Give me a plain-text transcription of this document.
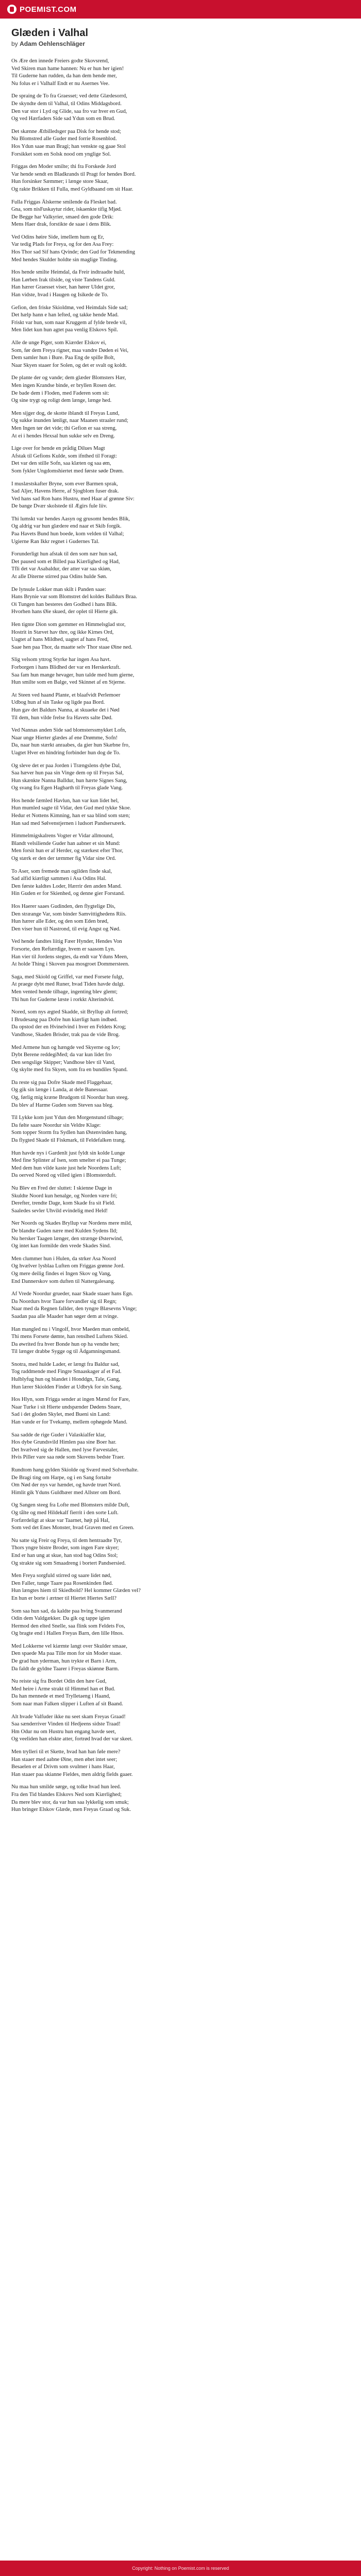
POEMIST.COM
Glæden i Valhal
by Adam Oehlenschläger

Os Ære den innede Freiers godte Skovsrend,
Ved Skiren man hame hannen: Nu er hun her igien!
Til Guderne han rudden, da han dem hende mer,
Nu folus er i Valhalf Endt er nu Asernes Vee.

De spraing de To fra Graesset; ved dette Glædesorrd,
De skyndte dem til Valhal, til Odins Middagsbord.
Den var stor i Lyd og Glide, saa fro var hver en Gud,
Og ved Hærfaders Side sad Ydun som en Brud.

Det skænne Ætbilledsger paa Disk for hende stod;
Nu Blomstred alle Guder med forrie Rosenblod.
Hos Ydun saae man Bragi; han venskte og gaae Stol
Forsikket som en Solsk nood om ynglige Sol.

Friggas den Moder smilte; thi fra Forskede Jord
Var hende sendt en Bladkrands til Pragt for hendes Bord.
Hun forsinker Sæmmer; i længe store Skaar,
Og rakte Brikken til Fulla, med Gyldbaand om sit Haar.

Fulla Friggas Älskerne smilende da Flesket bad.
Gna, som nisFuskaytur rider, iskaenkte tifig Mjød.
De Begge har Valkyrier, smaed den gode Drik:
Mens Haer drak, forstikte de saae i dens Blik.

Ved Odins høire Side, imellem hum og Er,
Var tedig Plads for Freya, og for den Asa Frey:
Hos Thor sad Sif hans Qvinde; den Gud for Tekmending
Med hendes Skulder holdte sin maglige Tinding.

Hos hende smilte Heimdal, da Freir indtraadte huld,
Han Lørben Irak tilside, og viste Tandens Guld.
Han hærer Graesset viser, han hører Uldet gror,
Han vidste, hvad i Haugen og Isikede de To.

Gefion, den friske Skioldmø, ved Heimdals Side sad;
Det hælp hann e han lefted, og takke hende Mad.
Friskt var hun, som naar Kruggem af fylde brede vil,
Men Iidet kun hun agtet paa venlig Elskovs Spil.

Alle de unge Piger, som Kiærder Elskov ei,
Som, før dem Freya rigner, maa vandre Døden ei Vei,
Dem samler hun i Bure. Paa Eng de spille Bolt,
Naar Skyen staaer for Solen, og det er svalt og koldt.

De plante der og vande; dem glæder Blomsters Hær,
Men ingen Krandse binde, er bryllen Rosen der.
De bade dem i Floden, med Faderen som sit:
Og sine trygt og roligt dem længe, længe hed.

Men sijger dog, de skotte iblandt til Freyas Lund,
Og sukke inunden lønligt, naar Maanen straaler rund;
Men Ingen tør det vide; thi Gefion er saa streng,
At ei i hendes Hexsal hun sukke selv en Dreng.

Lige over for hende en prådig Dilues Magt
Afstak til Gefions Kulde, som ifnthed til Foragt:
Det var den stille Sofn, saa klæten og saa øm,
Som fykler Ungdomshiertet med første søde Drøm.

I muslæstskafter Bryne, som ever Barmen sprak,
Sad Aljer, Havens Herre, af Sjogblom fuser drak.
Ved hans sad Ron hans Hustru, med Haar af grønne Siv:
De bange Dvær skolstede til Ægirs fule liiv.

Thi lumskt var hendes Aasyn og grusomt hendes Blik,
Og aldrig var hun glædere end naar et Skib forgik.
Paa Havets Bund hun boede, kom velden til Valhal;
Ugierne Ran Ikkr regnet i Gudernes Tal.

Forunderligt hun afstak til den som nær hun sad,
Det paused som et Billed paa Kiærlighed og Had,
Tfli det var Asabaldur, der atter var saa skiøn,
At alle Diterne stirred paa Odins hulde Søn.

De lynsule Lokker man skilt i Panden saae:
Hans Brynie var som Blomstret del koldes Balldurs Braa.
Oi Tungen han besteres den Godhed i hans Blik.
Hvorhen hans Øie skued, der oplet til Hierte gik.

Hen tignte Dion som gæmmer en Himmelsglad stor,
Hostrit in Stævet hav thre, og ikke Kirnes Ord,
Uagtet af hans Mildhed, uagtet af hans Fred,
Saae hen paa Thor, da maatte selv Thor staae Øine ned.

Slig velsom yttrog Styrke har ingen Asa havt.
Forborgen i hans Blidhed der var en Herskerkraft.
Saa fam hun mange hevager, hun talde med hum gierne,
Hun smilte som en Balge, ved Skinnet af en Stjerne.

At Steen ved haand Plante, et blaafvidt Perlemoer
Udbog hun af sin Taske og ligde paa Bord.
Hun gav det Baldurs Nanna, at skuaeke det i Nød
Til dem, hun vilde frelse fra Havets salte Død.

Ved Nannas anden Side sad blomsterssmykket Lofn,
Naar unge Hierter glædes af ene Drømme, Sofn!
Da, naar hun stærkt anraabes, da gier hun Skæbne fro,
Uagtet Hver en hindring forbinder hun dog de To.

Og sleve det er paa Jorden i Trængslens dybe Dal,
Saa hæver hun paa sin Vinge dem op til Freyas Sal,
Hun skænkte Nanna Balldur, hun hærte Signes Sang,
Og svang fra Egen Hagbarth til Freyas glade Vang.

Hos hende fæmled Havlun, han var kun lidet hel,
Hun mumled sagte til Vidar, den Gud med tykke Skoe.
Hedur et Nottens Kimning, han er saa blind som stæn;
Han sad med Sølvenstjernen i ludsort Pandsersæerk.

Himmelmigskalrens Vogter er Vidar allmound,
Blandt velsiliende Guder han aabner et sin Mund:
Men forsit hun er af Herder, og stærkest efter Thor,
Og stærk er den der tæmmer fig Vidar sine Ord.

To Aser, som fremede man ogilden finde skal,
Sad alfid kiærligt sammen i Asa Odins Hal.
Den første kaldtes Loder, Hærrir den anden Mand.
Hin Guden er for Skienhed, og denne gier Forstand.

Hos Haerer saaes Gudinden, den flygtelige Dis,
Den stræange Var, som binder Samvittighedens Riis.
Hun hærer alle Eder, og den som Eden brød,
Den viser hun til Nastrond, til evig Angst og Nød.

Ved hende fandtes liitig Fæer Hynder, Hendes Von
Forsorte, den Reftærdige, hvem er saasom Lyn.
Han vier til Jordens stegtes, da endt var Yduns Meen,
At holde Thing i Skoven paa mosgroet Dommersteen.

Saga, med Skiold og Griffel, var med Forsete fulgt,
At praege dybt med Runer, hvad Tiden havde dulgt.
Men vented hende tilbage, ingenting blev glemt;
Thi hun for Guderne læste i rorkkt Alterindvid.

Nored, som nys ægted Skadde, sit Bryllup alt fortred;
I Brudesang paa Dofre hun kiærligt ham indbød.
Da opstod der en Hvinelvind i hver en Feldets Krog;
Vandhose, Skaden Brisder, trak paa de vide Brog.

Med Armene hun og hængde ved Skyerne og Iov;
Dybt Berene reddegiMed; da var kun lidet fro
Den sengslige Skipper; Vandhose blev til Vand,
Og skylte med fra Skyen, som fra en bundiles Spand.

Da reste sig paa Dofre Skade med Flaggehaar,
Og gik sin længe i Landa, at dele Banessaar.
Og, førlig mig kræne Brudgom til Noordur hun steeg.
Da blev af Harme Guden som Steven saa bleg.

Til Lykke kom just Ydun den Morgenstund tilbage;
Da følte saare Noordur sin Veldre Klage:
Som topper Storm fra Sydlen han Østenvinden hang,
Da flygted Skade til Fiskmark, til Feldefalken trang.

Hun havde nys i Gardenlt just fyldt sin kolde Lunge
Med fine Splinter af Isen, som smelter ei paa Tunge;
Med dem hun vilde kaste just hele Noordens Luft;
Da oerved Nored og villed igien i Blomsterduft.

Nu Blev en Fred der sluttet: I skienne Dage in
Skuldte Noord kun henalge, og Norden være fri;
Derefter, trendte Dage, kom Skade fra sit Field.
Saaledes sevler Uhvild evindelig med Held!

Ner Noords og Skades Bryllup var Nordens mere mild,
De blandte Guden nære med Kulden Sydens Ild;
Nu hersker Taagen længer, den strænge Østerwind,
Og intet kan formilde den vrede Skades Sind.

Men clummer hun i Hulen, da strker Asa Noord
Og hvælver lysblaa Luften om Friggas grønne Jord.
Og mere deilig findes ei Ingen Skov og Vang,
End Dannerskov som duften til Nattergalesang.

Af Vrede Noordur grueder, naar Skade staaer hans Egn.
Da Noordurs hvor Taare forvandler sig til Regn;
Naar med da Regnen fallder, den tyngre Blæsevns Vinge;
Saadan paa alle Maader han søger dem at tvinge.

Han mangled nu i Vingolf, hvor Maeden man ombeld,
Thi mens Forsete dømte, han renslhed Luftens Skied.
Da øwrited fra hver Bonde hun op ha vendte hen;
Til længer drabbe Sygge og til Ädgamningsmand.

Snotra, med hulde Lader, er længt fra Baldur sad,
Tog raddmende med Fingre Smaaskager af et Fad.
Hulblyfug hun og blandet i Honddgn, Tale, Gang,
Hun lærer Skiolden Finder at Udbryk for sin Sang.

Hos Hlyn, som Frigga sender at ingen Mænd for Fare,
Naar Turke i sit Hierte undspænder Dødens Snare,
Sad i det gloden Skylet, med Bueni sin Land:
Han vande er for Tvekamp, mellem ophøgede Mand.

Saa sadde de rige Guder i Valaskialfer klar,
Hos dybe Grundsvild Himlen paa sine Boer har.
Det hvælved sig de Hallen, med lyse Farvestaler,
Hvis Piller vare saa røde som Skovens bedste Traer.

Rundtom hang gylden Skiolde og Sværd med Solverhalte.
De Bragi ting om Harpe, og i en Sang fortalte
Om Nød der nys var hændet, og havde truet Nord.
Himlit gik Yduns Guldbæer med Allster om Bord.

Og Sangen steeg fra Lofte med Blomsters milde Duft,
Og tålte og med Hildekalf fierrit i den sorte Luft.
Forfærdeligt at skue var Taarnet, højt på Hal,
Som ved det Enes Monster, hvad Graven med en Green.

Nu satte sig Freir og Freya, til dem hentraadte Tyr,
Thors yngre bistre Broder, som ingen Fare skyer;
End er han ung at skue, han stod bag Odins Stol;
Og strakte sig som Smaadreng i bortert Pandsersied.

Men Freya sorgfuld stirred og saare lidet nød,
Den Faller, tunge Taare paa Rosenkinden flød.
Hun længtes hiem til Skiedbold? Hel kommer Glæden vel?
En hun er borte i ærtner til Hiertet Hiertes Sæll?

Som saa hun sad, da kaldte paa hving Svanmerand
Odin dem Valdgækker. Da gik og tappe igien
Hermod den elted Snelle, saa flink som Feldets Fos,
Og bragte end i Hallen Freyas Barn, den lille Hnos.

Med Lokkerne vel kiæmte langt over Skulder smaae,
Den spaede Ma paa Tille mon for sin Moder staae.
De grad hun yderman, hun trykte et Barn i Arm,
Da faldt de gyldne Taarer i Freyas skiønne Barm.

Nu reiste sig fra Bordet Odin den hæe Gud,
Med heire i Arme strakt til Himmel han et Bud.
Da han mennede et med Trylletaeng i Haand,
Som naar man Falken slipper i Luften af sit Baand.

Alt hvade Valfuder ikke nu seet skam Freyas Graad!
Saa sænderriver Vinden til Hedjeens sidste Traad!
Hm Odur nu om Hustru hun engang havde seet,
Og veeliden han elskte atter, fortrød hvad der var skeet.

Men trylleri til et Skette, hvad han han føle mere?
Han staaer med aabne Øine, men øhet intet seer;
Besaelen er af Drivm som svulmer i hans Haar,
Han staaer paa skianne Fieldes, men aldrig fields gaaer.

Nu maa hun smilde sørge, og tolke hvad hun leed.
Fra den Tid blandes Elskovs Ned som Kiærlighed;
Da mere blev stor, da var hun saa lykkelig som smuk;
Hun bringer Elskov Glæde, men Freyas Graad og Suk.

Copyright: Nothing on Poemist.com is reserved
